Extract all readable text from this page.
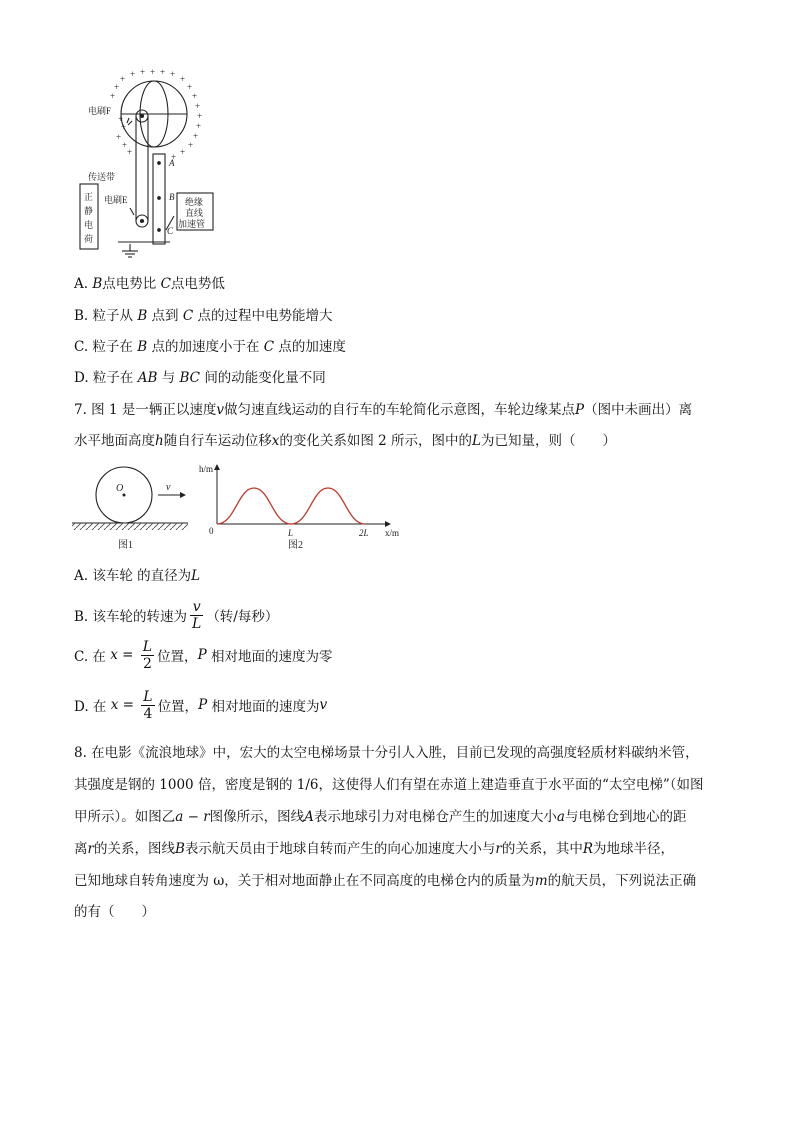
+ + + + +
+	+
+	+
+	+
+
+
+
+
+
+
+
+
+
+
+
+
电刷F
传送带
正
静
电
荷
电刷E	绝缘
直线
加速管
A
B
C
A. B点电势比 C点电势低
B. 粒子从 B 点到 C 点的过程中电势能增大
C. 粒子在 B 点的加速度小于在 C 点的加速度
D. 粒子在 AB 与 BC 间的动能变化量不同
7. 图 1 是一辆正以速度v做匀速直线运动的自行车的车轮简化示意图，车轮边缘某点P（图中未画出）离
水平地面高度h随自行车运动位移x的变化关系如图 2 所示，图中的L为已知量，则（　　）
O	v
图1
h/m
0	L	2L x/m
图2
A. 该车轮 的直径为L
B. 该车轮的转速为 $\frac{v}{L}$ （转/每秒）
C. 在
$x = \frac{L}{2}$ 位置， P
相对地面的速度为零
D. 在
$x = \frac{L}{4}$ 位置， P
相对地面的速度为 v
8. 在电影《流浪地球》中，宏大的太空电梯场景十分引人入胜，目前已发现的高强度轻质材料碳纳米管，
其强度是钢的 1000 倍，密度是钢的 1/6，这使得人们有望在赤道上建造垂直于水平面的“太空电梯”（如图
甲所示）。如图乙a − r图像所示，图线A表示地球引力对电梯仓产生的加速度大小a与电梯仓到地心的距
离r的关系，图线B表示航天员由于地球自转而产生的向心加速度大小与r的关系，其中R为地球半径，
已知地球自转角速度为 ω，关于相对地面静止在不同高度的电梯仓内的质量为m的航天员，下列说法正确
的有（　　）
